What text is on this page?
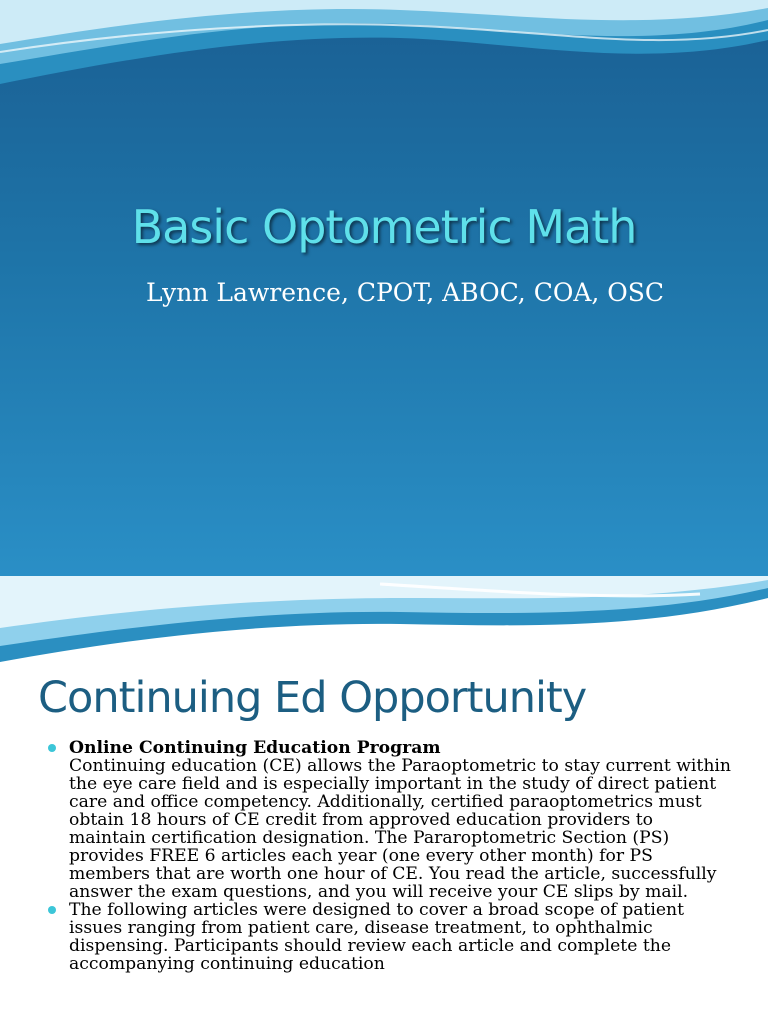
Basic Optometric Math
Lynn Lawrence, CPOT, ABOC, COA, OSC
Continuing Ed Opportunity
Online Continuing Education Program
Continuing education (CE) allows the Paraoptometric to stay current within the eye care field and is especially important in the study of direct patient care and office competency. Additionally, certified paraoptometrics must obtain 18 hours of CE credit from approved education providers to maintain certification designation. The Pararoptometric Section (PS) provides FREE 6 articles each year (one every other month) for PS members that are worth one hour of CE. You read the article, successfully answer the exam questions, and you will receive your CE slips by mail.
The following articles were designed to cover a broad scope of patient issues ranging from patient care, disease treatment, to ophthalmic dispensing. Participants should review each article and complete the accompanying continuing education
